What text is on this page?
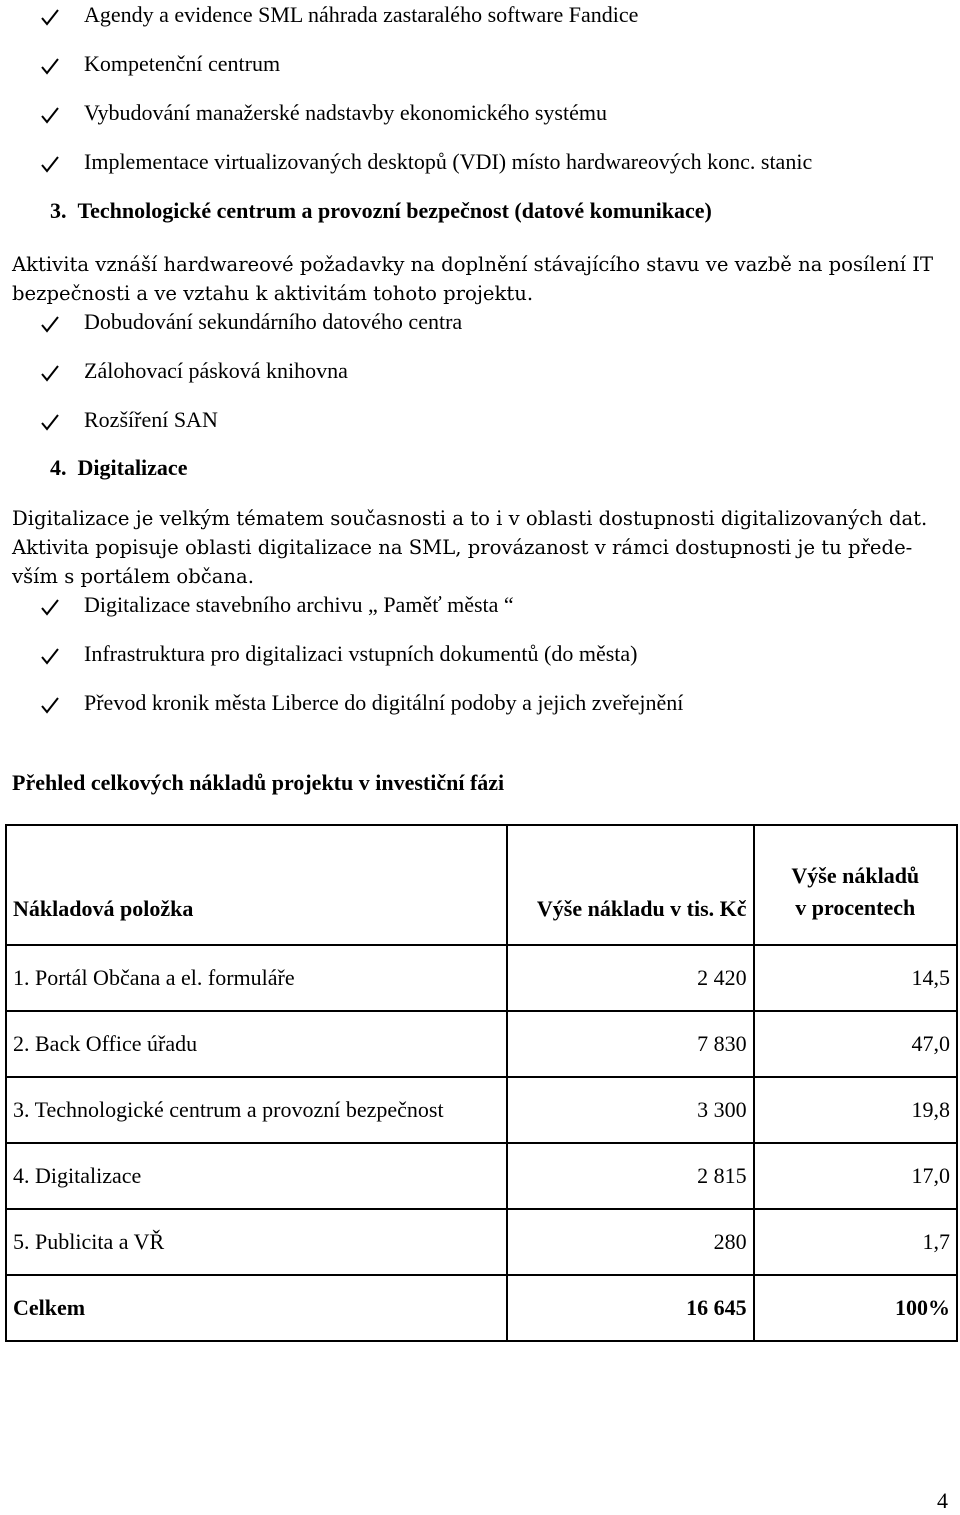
Agendy a evidence SML náhrada zastaralého software Fandice
Kompetenční centrum
Vybudování manažerské nadstavby ekonomického systému
Implementace virtualizovaných desktopů (VDI) místo hardwareových konc. stanic
3. Technologické centrum a provozní bezpečnost (datové komunikace)
Aktivita vznáší hardwareové požadavky na doplnění stávajícího stavu ve vazbě na posílení IT
bezpečnosti a ve vztahu k aktivitám tohoto projektu.
Dobudování sekundárního datového centra
Zálohovací pásková knihovna
Rozšíření SAN
4. Digitalizace
Digitalizace je velkým tématem současnosti a to i v oblasti dostupnosti digitalizovaných dat.
Aktivita popisuje oblasti digitalizace na SML, provázanost v rámci dostupnosti je tu přede-
vším s portálem občana.
Digitalizace stavebního archivu „ Paměť města “
Infrastruktura pro digitalizaci vstupních dokumentů (do města)
Převod kronik města Liberce do digitální podoby a jejich zveřejnění
Přehled celkových nákladů projektu v investiční fázi
Nákladová položka	Výše nákladu v tis. Kč	Výše nákladů
v procentech

1. Portál Občana a el. formuláře	2 420	14,5
2. Back Office úřadu	7 830	47,0
3. Technologické centrum a provozní bezpečnost	3 300	19,8
4. Digitalizace	2 815	17,0
5. Publicita a VŘ	280	1,7
Celkem	16 645	100%
4
